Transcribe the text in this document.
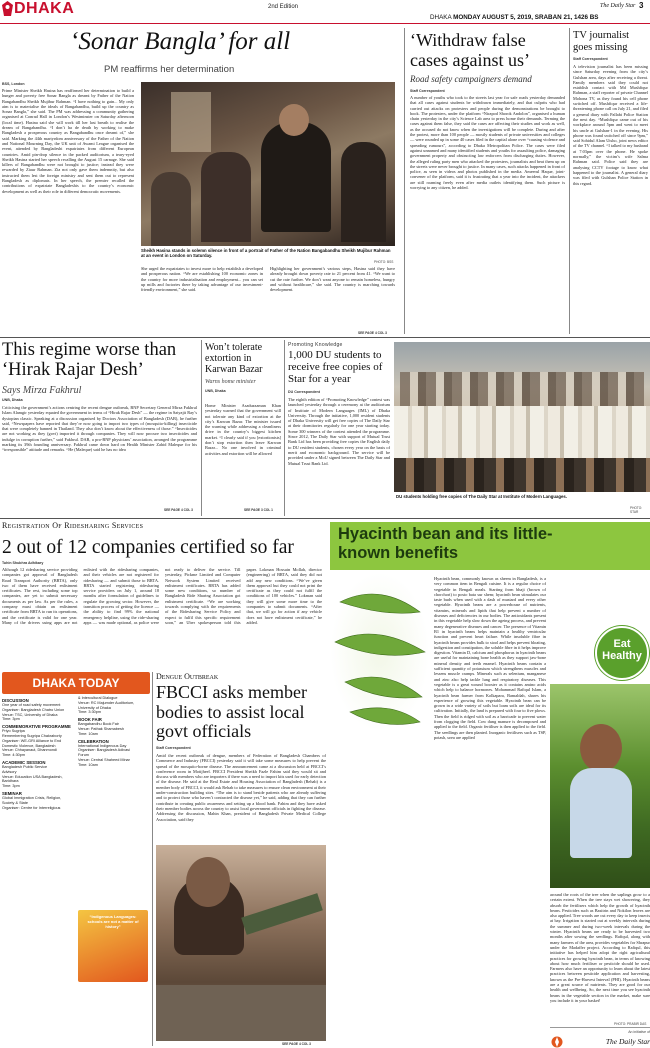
DHAKA	2nd Edition	The Daily Star 3
DHAKA MONDAY AUGUST 5, 2019, SRABAN 21, 1426 BS
‘Sonar Bangla’ for all
PM reaffirms her determination
BSS, London
Prime Minister Sheikh Hasina has reaffirmed her determination to build a hunger and poverty free Sonar Bangla as dreamt by Father of the Nation Bangabandhu Sheikh Mujibur Rahman. “I have nothing to gain... My only aim is to materialise the ideals of Bangabandhu, build up the country as Sonar Bangla,” she said. The PM was addressing a community gathering organised at Conrad Hall in London’s Westminster on Saturday afternoon (local time). Hasina said she will work till her last breath to realise the dream of Bangabandhu. “I don’t ha de death by working to make Bangladesh a prosperous country as Bangabandhu once dreamt of,” she said. Marking the 44th martyrdom anniversary of the Father of the Nation and National Mourning Day, the UK unit of Awami League organised the event, attended by Bangladeshi expatriates from different European countries. Amid pin-drop silence in the packed auditorium, a teary-eyed Sheikh Hasina started her speech recalling the August 15 carnage. She said killers of Bangabandhu were not brought to justice; instead they were rewarded by Ziaur Rahman. Zia not only gave them indemnity, but also instructed them lest the foreign ministry and sent them out to represent Bangladesh as diplomats. In her speech, the premier recalled the contributions of expatriate Bangladeshis to the country’s economic development as well as their role in different democratic movements.
Sheikh Hasina stands in solemn silence in front of a portrait of Father of the Nation Bangabandhu Sheikh Mujibur Rahman at an event in London on Saturday.
PHOTO: BSS
She urged the expatriates to invest more to help establish a developed and prosperous nation. “We are establishing 100 economic zones in the country for more industrialisation and employment... you can set up mills and factories there by taking advantage of our investment-friendly environment,” she said.
Highlighting her government’s various steps, Hasina said they have already brought down poverty rate to 21 percent from 41. “We want to cut the rate further. We don’t want anyone to remain homeless, hungry and without healthcare,” she said. The country is marching towards development.
SEE PAGE 4 COL 3
‘Withdraw false cases against us’
Road safety campaigners demand
Staff Correspondent
A number of youths who took to the streets last year for safe roads yesterday demanded that all cases against students be withdrawn immediately, and that culprits who had carried out attacks on protesters and people during the demonstrations be brought to book. The protesters, under the platform “Nirapod Shorok Andolon”, organised a human chain yesterday in the city’s Science Lab area to press home their demands. Terming the cases against them false, they said the cases are affecting their studies and work as well, as the accused do not know when the investigations will be complete. During and after the protest, more than 100 people — mostly students of private universities and colleges — were rounded up in some 40 cases filed in the capital alone over “causing violence and spreading rumours”, according to Dhaka Metropolitan Police. The cases were filed against unnamed and many identified students and youths for assaulting police, damaging government property and obstructing law enforcers from discharging duties. However, the alleged ruling party men who attacked the protesters, journalists and beat them up on the streets were never brought to justice. In many cases, such attacks happened in front of police, as seen in videos and photos published in the media. Ameerul Haque, joint-convener of the platform, said it is frustrating that a year into the incident, the attackers are still roaming freely even after media outlets identifying them. Such picture is worrying to any citizen, he added.
TV journalist goes missing
Staff Correspondent
A television journalist has been missing since Saturday evening from the city’s Gulshan area, days after receiving a threat. Family members said they could not establish contact with Md Mushfiqur Rahman, a staff reporter of private Channel Mohona TV, as they found his cell phone switched off. Mushfiqur received a life-threatening phone call on July 21, and filed a general diary with Pallabi Police Station the next day. “Mushfiqur came out of his workplace around 5pm and went to meet his uncle at Gulshan-1 in the evening. His phone was found switched off since 9pm,” said Sohidul Alam Utsho, joint news editor of the TV channel. “I talked to my husband at 7:03pm over the phone. He spoke normally,” the victim’s wife Salma Rahman said. Police said they are analysing CCTV footage to know what happened to the journalist. A general diary was filed with Gulshan Police Station in this regard.
This regime worse than ‘Hirak Rajar Desh’
Says Mirza Fakhrul
UNB, Dhaka
Criticising the government’s actions centring the recent dengue outbreak, BNP Secretary General Mirza Fakhrul Islam Alamgir yesterday equated the government in terms of “Hirak Rajar Desh” — the regime in Satyajit Ray’s dystopian classic. Speaking at a discussion organised by Doctors Association of Bangladesh (DAB), he further said, “Newspapers have reported that they’re now going to import two types of (mosquito-killing) insecticide that were completely banned in Thailand. They also don’t know about the effectiveness of those.” “Insecticides are not working as they (govt) imported it through companies. They will now procure two insecticides and indulge in corruption further,” said Fakhrul. DAB, a pro-BNP physicians’ association, arranged the programme marking its 39th founding anniversary. Fakhrul came down hard on Health Minister Zahid Maleque for his “irresponsible” attitude and remarks. “He (Maleque) said he has no idea
SEE PAGE 4 COL 3
Won’t tolerate extortion in Karwan Bazar
Warns home minister
UNB, Dhaka
Home Minister Asaduzzaman Khan yesterday warned that the government will not tolerate any kind of extortion at the city’s Karwan Bazar. The minister issued the warning while addressing a cleanliness drive in the country’s biggest kitchen market. “I clearly said if you [extortionists] don’t stop extortion then leave Karwan Bazar... No one involved in criminal activities and extortion will be allowed
SEE PAGE 3 COL 1
Promoting Knowledge
1,000 DU students to receive free copies of Star for a year
DU Correspondent
The eighth edition of “Promoting Knowledge” contest was launched yesterday through a ceremony at the auditorium of Institute of Modern Languages (IML) of Dhaka University. Through the initiative, 1,000 resident students of Dhaka University will get free copies of The Daily Star at their dormitories regularly for one year starting today. Some 300 winners of the contest attended the programme. Since 2012, The Daily Star with support of Mutual Trust Bank Ltd has been providing free copies the English daily to DU resident students, chosen every year on the basis of merit and economic background. The service will be provided under a MoU signed between The Daily Star and Mutual Trust Bank Ltd.
DU students holding free copies of The Daily Star at Institute of Modern Languages.
PHOTO: STAR
Registration Of Ridesharing Services
2 out of 12 companies certified so far
Tuhin Shubhra Adhikary
Although 12 ridesharing service providing companies got approval of Bangladesh Road Transport Authority (BRTA), only two of them have received enlistment certificates. The rest, including some top companies, are yet to submit necessary documents as per law. As per the rules, a company must obtain an enlistment certificate from BRTA to run its operations, and the certificate is valid for one year. Many of the drivers using apps are not enlisted with the ridesharing companies, and their vehicles are not registered for ridesharing — and submit those to BRTA. BRTA started registering ridesharing service providers on July 1, around 18 months after formulation of guidelines to regulate the growing sector. However, the transition process of getting the licence — the ability to find 99% the national emergency helpline, using the ride-sharing apps — was made optional, as police were not ready to deliver the service. Till yesterday, Pickme Limited and Computer Network System Limited received enlistment certificates. BRTA has added some new conditions, so number of Bangladesh Ride Sharing Association got enlistment certificate. “We are working towards complying with the requirements of the Ridesharing Service Policy and expect to fulfil this specific requirement soon,” an Uber spokesperson told this paper. Lokman Hossain Mollah, director (engineering) of BRTA, said they did not add any new conditions. “We’ve given them approval but they could not print the certificate as they could not fulfil the conditions of 100 vehicles.” Lokman said they will give some more time to the companies to submit documents. “After that, we will go for action if any vehicle does not have enlistment certificate,” he added.
DHAKA TODAY
DISCUSSION
One year of road safety movement
Organiser: Bangladesh Chatro Union
Venue: TSC, University of Dhaka
Time: 3pm
COMMEMORATIVE PROGRAMME
Priyo Sugripa
Remembering Sugripa Chakraborty
Organiser: WE-GRI Alliance to End
Domestic Violence, Bangladesh
Venue: Chhayanaut, Dhanmondi
Time: 4:30pm
ACADEMIC SESSION
Bangladesh Public Service
Advisory
Venue: Education USA Bangladesh,
Baridhara
Time: 3pm
SEMINAR
Global Immigration Crisis, Religion,
Society & State
Organiser: Centre for Interreligious
& Intercultural Dialogue
Venue: RC Majumder Auditorium,
University of Dhaka
Time: 3:30pm
BOOK FAIR
Bangabandhu Book Fair
Venue: Pathak Shamabesh
Time: 10am
CELEBRATION
International Indigenous Day
Organiser: Bangladesh Adivasi
Forum
Venue: Central Shaheed Minar
Time: 10am
“Indigenous Languages: schools are not a matter of history”
Dengue Outbreak
FBCCI asks member bodies to assist local govt officials
Staff Correspondent
Amid the recent outbreak of dengue, members of Federation of Bangladesh Chambers of Commerce and Industry (FBCCI) yesterday said it will take some measures to help prevent the spread of the mosquito-borne disease. The announcement came at a discussion held at FBCCI’s conference room in Motijheel. FBCCI President Sheikh Fazle Fahim said they would sit and discuss with members who are importers if there was a need to import kits used for early detection of the disease. He said at the Real Estate and Housing Association of Bangladesh (Rehab) is a member body of FBCCI, it would ask Rehab to take measures to ensure clean environment at their under-construction building sites. “The aim is to stand beside patients who are already suffering and to protect those who haven’t contracted the disease yet,” he said, adding that they can further contribute in creating public awareness and setting up a blood bank. Fahim and they have asked their member bodies across the country to assist local government officials in fighting the disease. Addressing the discussion, Mahin Khan, president of Bangladesh Private Medical College Association, said they
SEE PAGE 4 COL 3
Hyacinth bean and its little-known benefits
Eat
Healthy
Hyacinth bean, commonly known as sheem in Bangladesh, is a very common item in Bengali cuisine. It is a regular choice of vegetable in Bengali meals. Starting from bhaji (brown of chorchori) to posto bata sur shem; hyacinth bean stimulates our taste buds when used with a dash of mustard and every other vegetable. Hyacinth beans are a powerhouse of nutrients, vitamins, minerals and lipids that help prevent a number of diseases and deficiencies in our bodies. The antioxidants present in this vegetable help slow down the ageing process, and prevent many degenerative diseases and cancer. The presence of Vitamin B1 in hyacinth beans helps maintain a healthy ventricular function and prevent heart failure. While insoluble fibre in hyacinth beans provides bulk to stool and helps prevent bloating, indigestion and constipation, the soluble fibre in it helps improve digestion. Vitamin D, calcium and phosphorus in hyacinth beans are useful for maintaining bone health as they support jaw-bone mineral density and teeth enamel. Hyacinth beans contain a sufficient quantity of potassium which strengthens muscles and lessens muscle cramps. Minerals such as selenium, manganese and zinc also help tackle lung and respiratory diseases. This vegetable is a great wound booster as it contains amino acids which help to balance hormones. Mohammad Rafiqul Islam, a hyacinth bean farmer from Kolkapara, Bamaldah, shares his experience of growing this vegetable. Hyacinth bean can be grown in a wide variety of soils but loam soils are ideal for its cultivation. Initially, the land is prepared with four to five plows. Then the field is ridged with soil as a barricade to prevent water from clogging the field. Cow dung manure is decomposed and applied to the field. Organic fertiliser is then applied to the field. The seedlings are then planted. Inorganic fertilisers such as TSP, potash, urea are applied
around the roots of the tree when the saplings grow to a certain extent. When the tree stays wet showering, they absorb the fertilisers which help the growth of hyacinth beans. Pesticides such as Basitrin and Nokilon leaves are also applied. Tree woods are cut every day to keep insects at bay. Irrigation is started out at weekly intervals during the summer and during two-week intervals during the winter. Hyacinth beans are ready to be harvested two months after sowing the seedlings. Rafiqul, along with many farmers of the area, provides vegetables for Shrapur under the Madaffer project. According to Rafiqul, this initiative has helped him adopt the right agricultural practices for growing hyacinth bean, in terms of knowing about how much fertiliser or pesticide should be used. Farmers also have an opportunity to learn about the latest practices between pesticide application and harvesting, known as the Pre-Harvest Interval (PHI). Hyacinth beans are a great source of nutrients. They are good for our health and wellbeing. So, the next time you see hyacinth beans in the vegetable section in the market, make sure you include it in your basket!
PHOTO: PRABIR DAS
An initiative of
The Daily Star
